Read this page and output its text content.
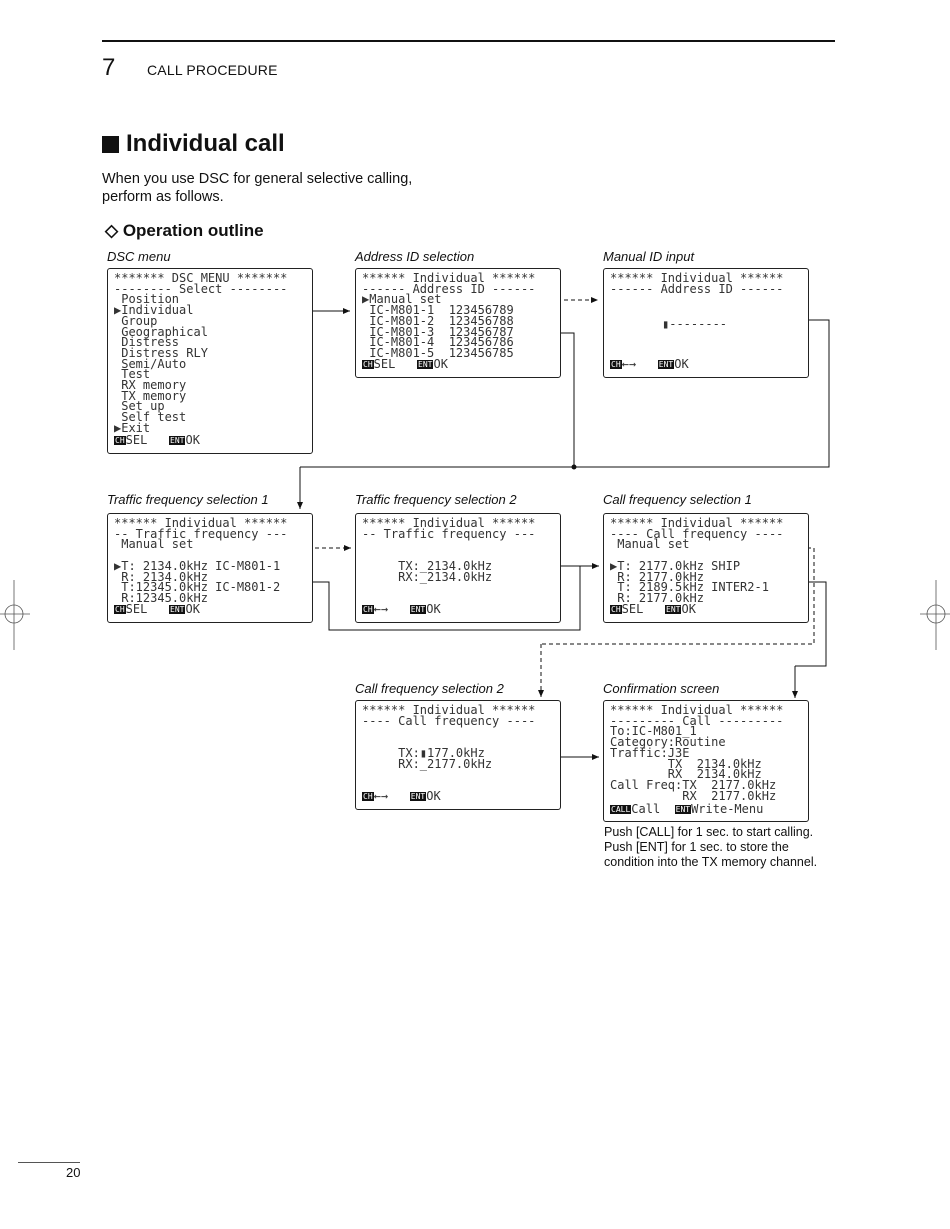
7 CALL PROCEDURE
Individual call
When you use DSC for general selective calling, perform as follows.
◇ Operation outline
DSC menu	Address ID selection	Manual ID input
Traffic frequency selection 1	Traffic frequency selection 2	Call frequency selection 1
Call frequency selection 2	Confirmation screen
******* DSC MENU *******
-------- Select --------
Position
▶Individual
Group
Geographical
Distress
Distress RLY
Semi/Auto
Test
RX memory
TX memory
Set up
Self test
▶Exit
CHSEL	ENTOK
****** Individual ******
------ Address ID ------
▶Manual set
IC-M801-1  123456789
IC-M801-2  123456788
IC-M801-3  123456787
IC-M801-4  123456786
IC-M801-5  123456785
CHSEL	ENTOK
****** Individual ******
------ Address ID ------
▮--------
CH←→	ENTOK
****** Individual ******
-- Traffic frequency ---
Manual set
▶T: 2134.0kHz IC-M801-1
R: 2134.0kHz
T:12345.0kHz IC-M801-2
R:12345.0kHz
CHSEL	ENTOK
****** Individual ******
-- Traffic frequency ---
TX:_2134.0kHz
RX:_2134.0kHz
CH←→	ENTOK
****** Individual ******
---- Call frequency ----
Manual set
▶T: 2177.0kHz SHIP
R: 2177.0kHz
T: 2189.5kHz INTER2-1
R: 2177.0kHz
CHSEL	ENTOK
****** Individual ******
---- Call frequency ----
TX:▮177.0kHz
RX:_2177.0kHz
CH←→	ENTOK
****** Individual ******
--------- Call ---------
To:IC-M801_1
Category:Routine
Traffic:J3E
TX  2134.0kHz
RX  2134.0kHz
Call Freq:TX  2177.0kHz
RX  2177.0kHz
CALLCall ENTWrite-Menu
Push [CALL] for 1 sec. to start calling. Push [ENT] for 1 sec. to store the condition into the TX memory channel.
20
